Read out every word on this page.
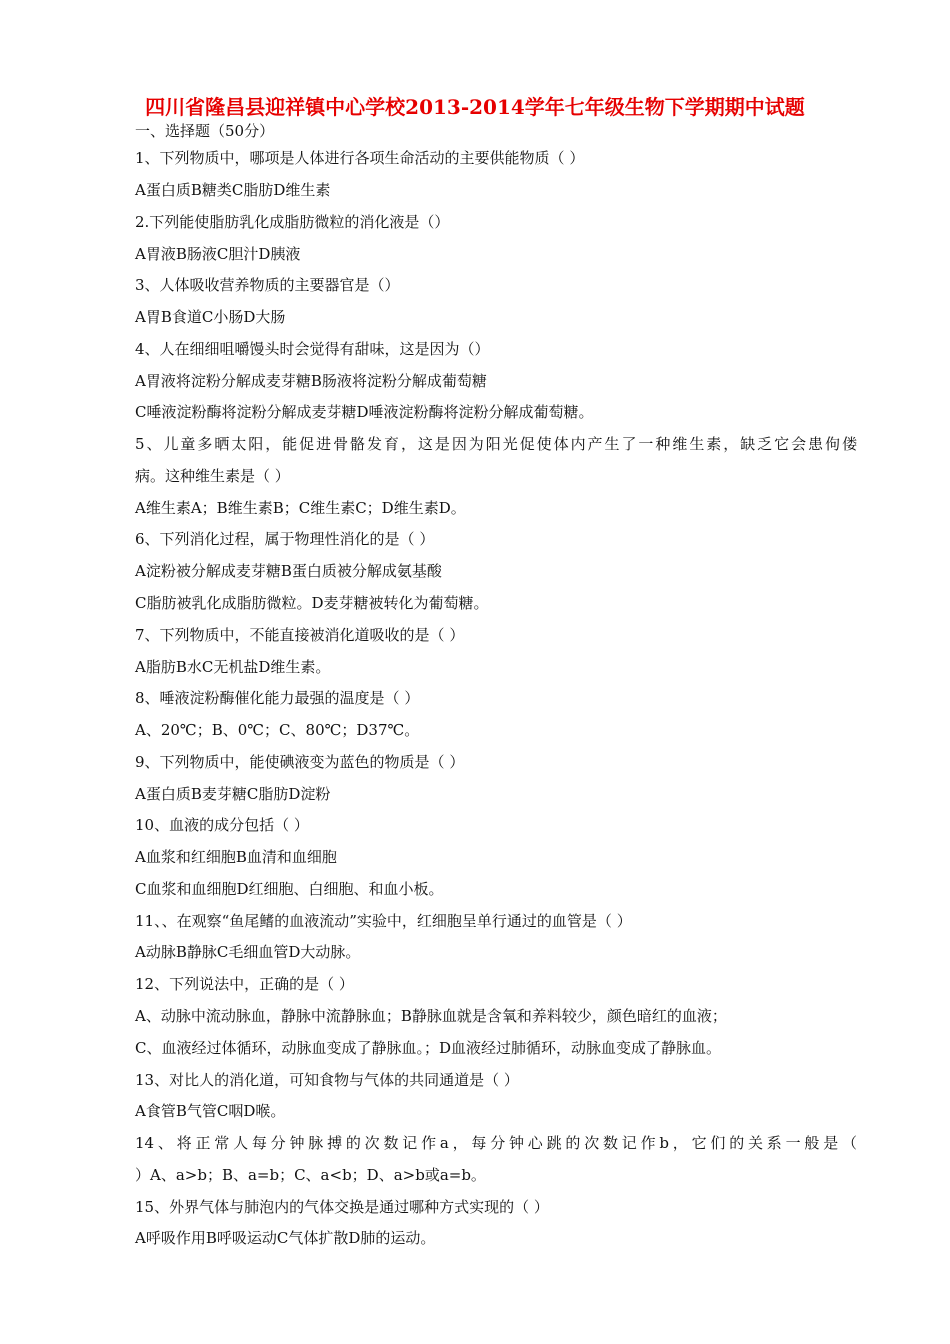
四川省隆昌县迎祥镇中心学校2013-2014学年七年级生物下学期期中试题
一、选择题（50分）
1、下列物质中，哪项是人体进行各项生命活动的主要供能物质（ ）
A蛋白质B糖类C脂肪D维生素
2.下列能使脂肪乳化成脂肪微粒的消化液是（）
A胃液B肠液C胆汁D胰液
3、人体吸收营养物质的主要器官是（）
A胃B食道C小肠D大肠
4、人在细细咀嚼馒头时会觉得有甜味，这是因为（）
A胃液将淀粉分解成麦芽糖B肠液将淀粉分解成葡萄糖
C唾液淀粉酶将淀粉分解成麦芽糖D唾液淀粉酶将淀粉分解成葡萄糖。
5、儿童多晒太阳，能促进骨骼发育，这是因为阳光促使体内产生了一种维生素，缺乏它会患佝偻
病。这种维生素是（ ）
A维生素A；B维生素B；C维生素C；D维生素D。
6、下列消化过程，属于物理性消化的是（ ）
A淀粉被分解成麦芽糖B蛋白质被分解成氨基酸
C脂肪被乳化成脂肪微粒。D麦芽糖被转化为葡萄糖。
7、下列物质中，不能直接被消化道吸收的是（ ）
A脂肪B水C无机盐D维生素。
8、唾液淀粉酶催化能力最强的温度是（ ）
A、20℃；B、0℃；C、80℃；D37℃。
9、下列物质中，能使碘液变为蓝色的物质是（ ）
A蛋白质B麦芽糖C脂肪D淀粉
10、血液的成分包括（ ）
A血浆和红细胞B血清和血细胞
C血浆和血细胞D红细胞、白细胞、和血小板。
11、、在观察“鱼尾鳍的血液流动”实验中，红细胞呈单行通过的血管是（ ）
A动脉B静脉C毛细血管D大动脉。
12、下列说法中，正确的是（ ）
A、动脉中流动脉血，静脉中流静脉血；B静脉血就是含氧和养料较少，颜色暗红的血液；
C、血液经过体循环，动脉血变成了静脉血。；D血液经过肺循环，动脉血变成了静脉血。
13、对比人的消化道，可知食物与气体的共同通道是（ ）
A食管B气管C咽D喉。
14、将正常人每分钟脉搏的次数记作a，每分钟心跳的次数记作b，它们的关系一般是（
）A、a>b；B、a=b；C、a<b；D、a>b或a=b。
15、外界气体与肺泡内的气体交换是通过哪种方式实现的（ ）
A呼吸作用B呼吸运动C气体扩散D肺的运动。
